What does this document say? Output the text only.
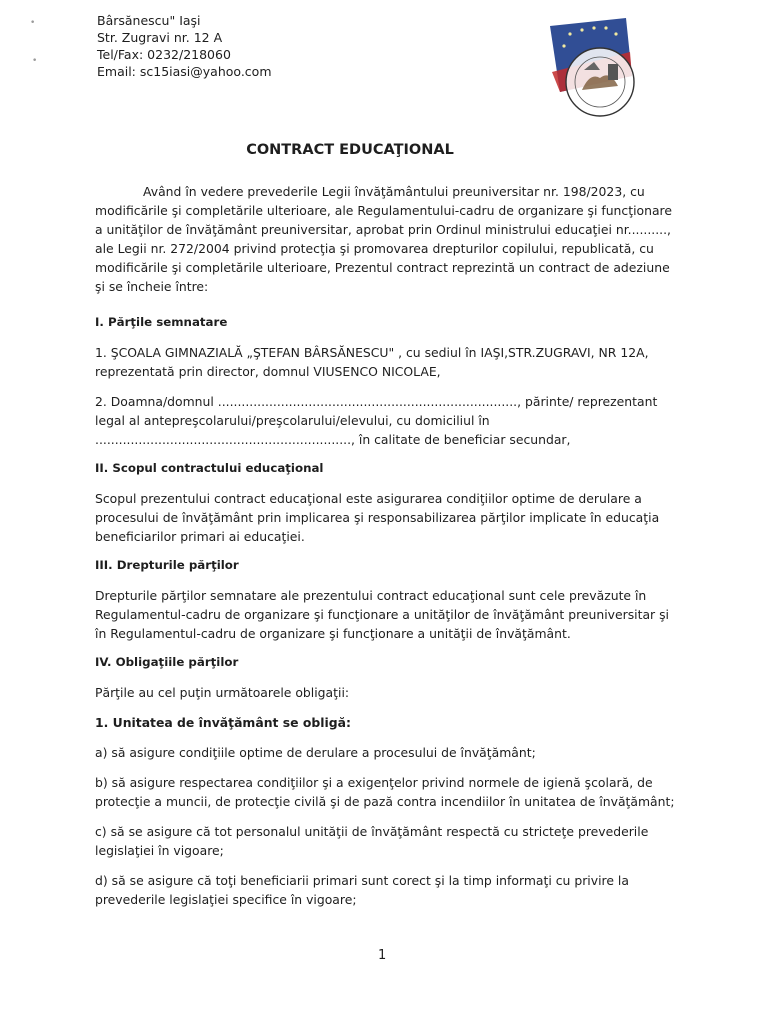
•
•
Bârsănescu" Iaşi
Str. Zugravi nr. 12 A
Tel/Fax: 0232/218060
Email: sc15iasi@yahoo.com
CONTRACT EDUCAŢIONAL

Având în vedere prevederile Legii învăţământului preuniversitar nr. 198/2023, cu modificările şi completările ulterioare, ale Regulamentului-cadru de organizare şi funcţionare a unităţilor de învăţământ preuniversitar, aprobat prin Ordinul ministrului educaţiei nr.........., ale Legii nr. 272/2004 privind protecţia şi promovarea drepturilor copilului, republicată, cu modificările şi completările ulterioare, Prezentul contract reprezintă un contract de adeziune şi se încheie între:

I. Părţile semnatare

1. ŞCOALA GIMNAZIALĂ „ŞTEFAN BÂRSĂNESCU" , cu sediul în IAŞI,STR.ZUGRAVI, NR 12A, reprezentată prin director, domnul VIUSENCO NICOLAE,

2. Doamna/domnul ............................................................................, părinte/ reprezentant legal al antepreşcolarului/preşcolarului/elevului, cu domiciliul în ................................................................., în calitate de beneficiar secundar,

II. Scopul contractului educaţional

Scopul prezentului contract educaţional este asigurarea condiţiilor optime de derulare a procesului de învăţământ prin implicarea şi responsabilizarea părţilor implicate în educaţia beneficiarilor primari ai educaţiei.

III. Drepturile părţilor

Drepturile părţilor semnatare ale prezentului contract educaţional sunt cele prevăzute în Regulamentul-cadru de organizare şi funcţionare a unităţilor de învăţământ preuniversitar şi în Regulamentul-cadru de organizare şi funcţionare a unităţii de învăţământ.

IV. Obligaţiile părţilor

Părţile au cel puţin următoarele obligaţii:

1. Unitatea de învăţământ se obligă:

a) să asigure condiţiile optime de derulare a procesului de învăţământ;

b) să asigure respectarea condiţiilor şi a exigenţelor privind normele de igienă şcolară, de protecţie a muncii, de protecţie civilă şi de pază contra incendiilor în unitatea de învăţământ;

c) să se asigure că tot personalul unităţii de învăţământ respectă cu stricteţe prevederile legislaţiei în vigoare;

d) să se asigure că toţi beneficiarii primari sunt corect şi la timp informaţi cu privire la prevederile legislaţiei specifice în vigoare;

1
